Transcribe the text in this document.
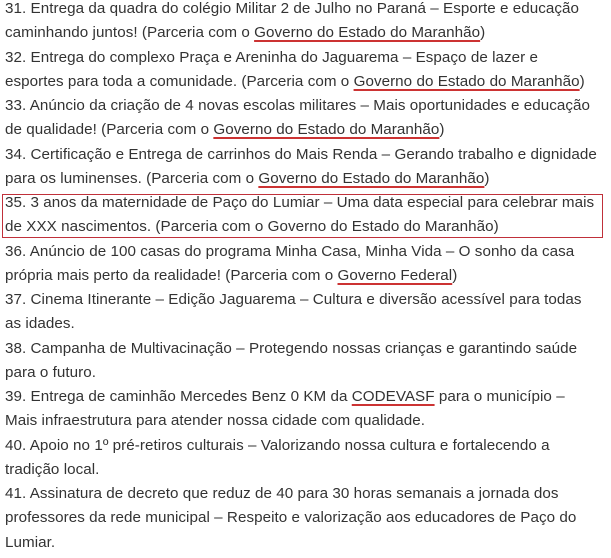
31. Entrega da quadra do colégio Militar 2 de Julho no Paraná – Esporte e educação
caminhando juntos! (Parceria com o Governo do Estado do Maranhão)
32. Entrega do complexo Praça e Areninha do Jaguarema – Espaço de lazer e
esportes para toda a comunidade. (Parceria com o Governo do Estado do Maranhão)
33. Anúncio da criação de 4 novas escolas militares – Mais oportunidades e educação
de qualidade! (Parceria com o Governo do Estado do Maranhão)
34. Certificação e Entrega de carrinhos do Mais Renda – Gerando trabalho e dignidade
para os luminenses. (Parceria com o Governo do Estado do Maranhão)
35. 3 anos da maternidade de Paço do Lumiar – Uma data especial para celebrar mais
de XXX nascimentos. (Parceria com o Governo do Estado do Maranhão)
36. Anúncio de 100 casas do programa Minha Casa, Minha Vida – O sonho da casa
própria mais perto da realidade! (Parceria com o Governo Federal)
37. Cinema Itinerante – Edição Jaguarema – Cultura e diversão acessível para todas
as idades.
38. Campanha de Multivacinação – Protegendo nossas crianças e garantindo saúde
para o futuro.
39. Entrega de caminhão Mercedes Benz 0 KM da CODEVASF para o município –
Mais infraestrutura para atender nossa cidade com qualidade.
40. Apoio no 1º pré-retiros culturais – Valorizando nossa cultura e fortalecendo a
tradição local.
41. Assinatura de decreto que reduz de 40 para 30 horas semanais a jornada dos
professores da rede municipal – Respeito e valorização aos educadores de Paço do
Lumiar.
